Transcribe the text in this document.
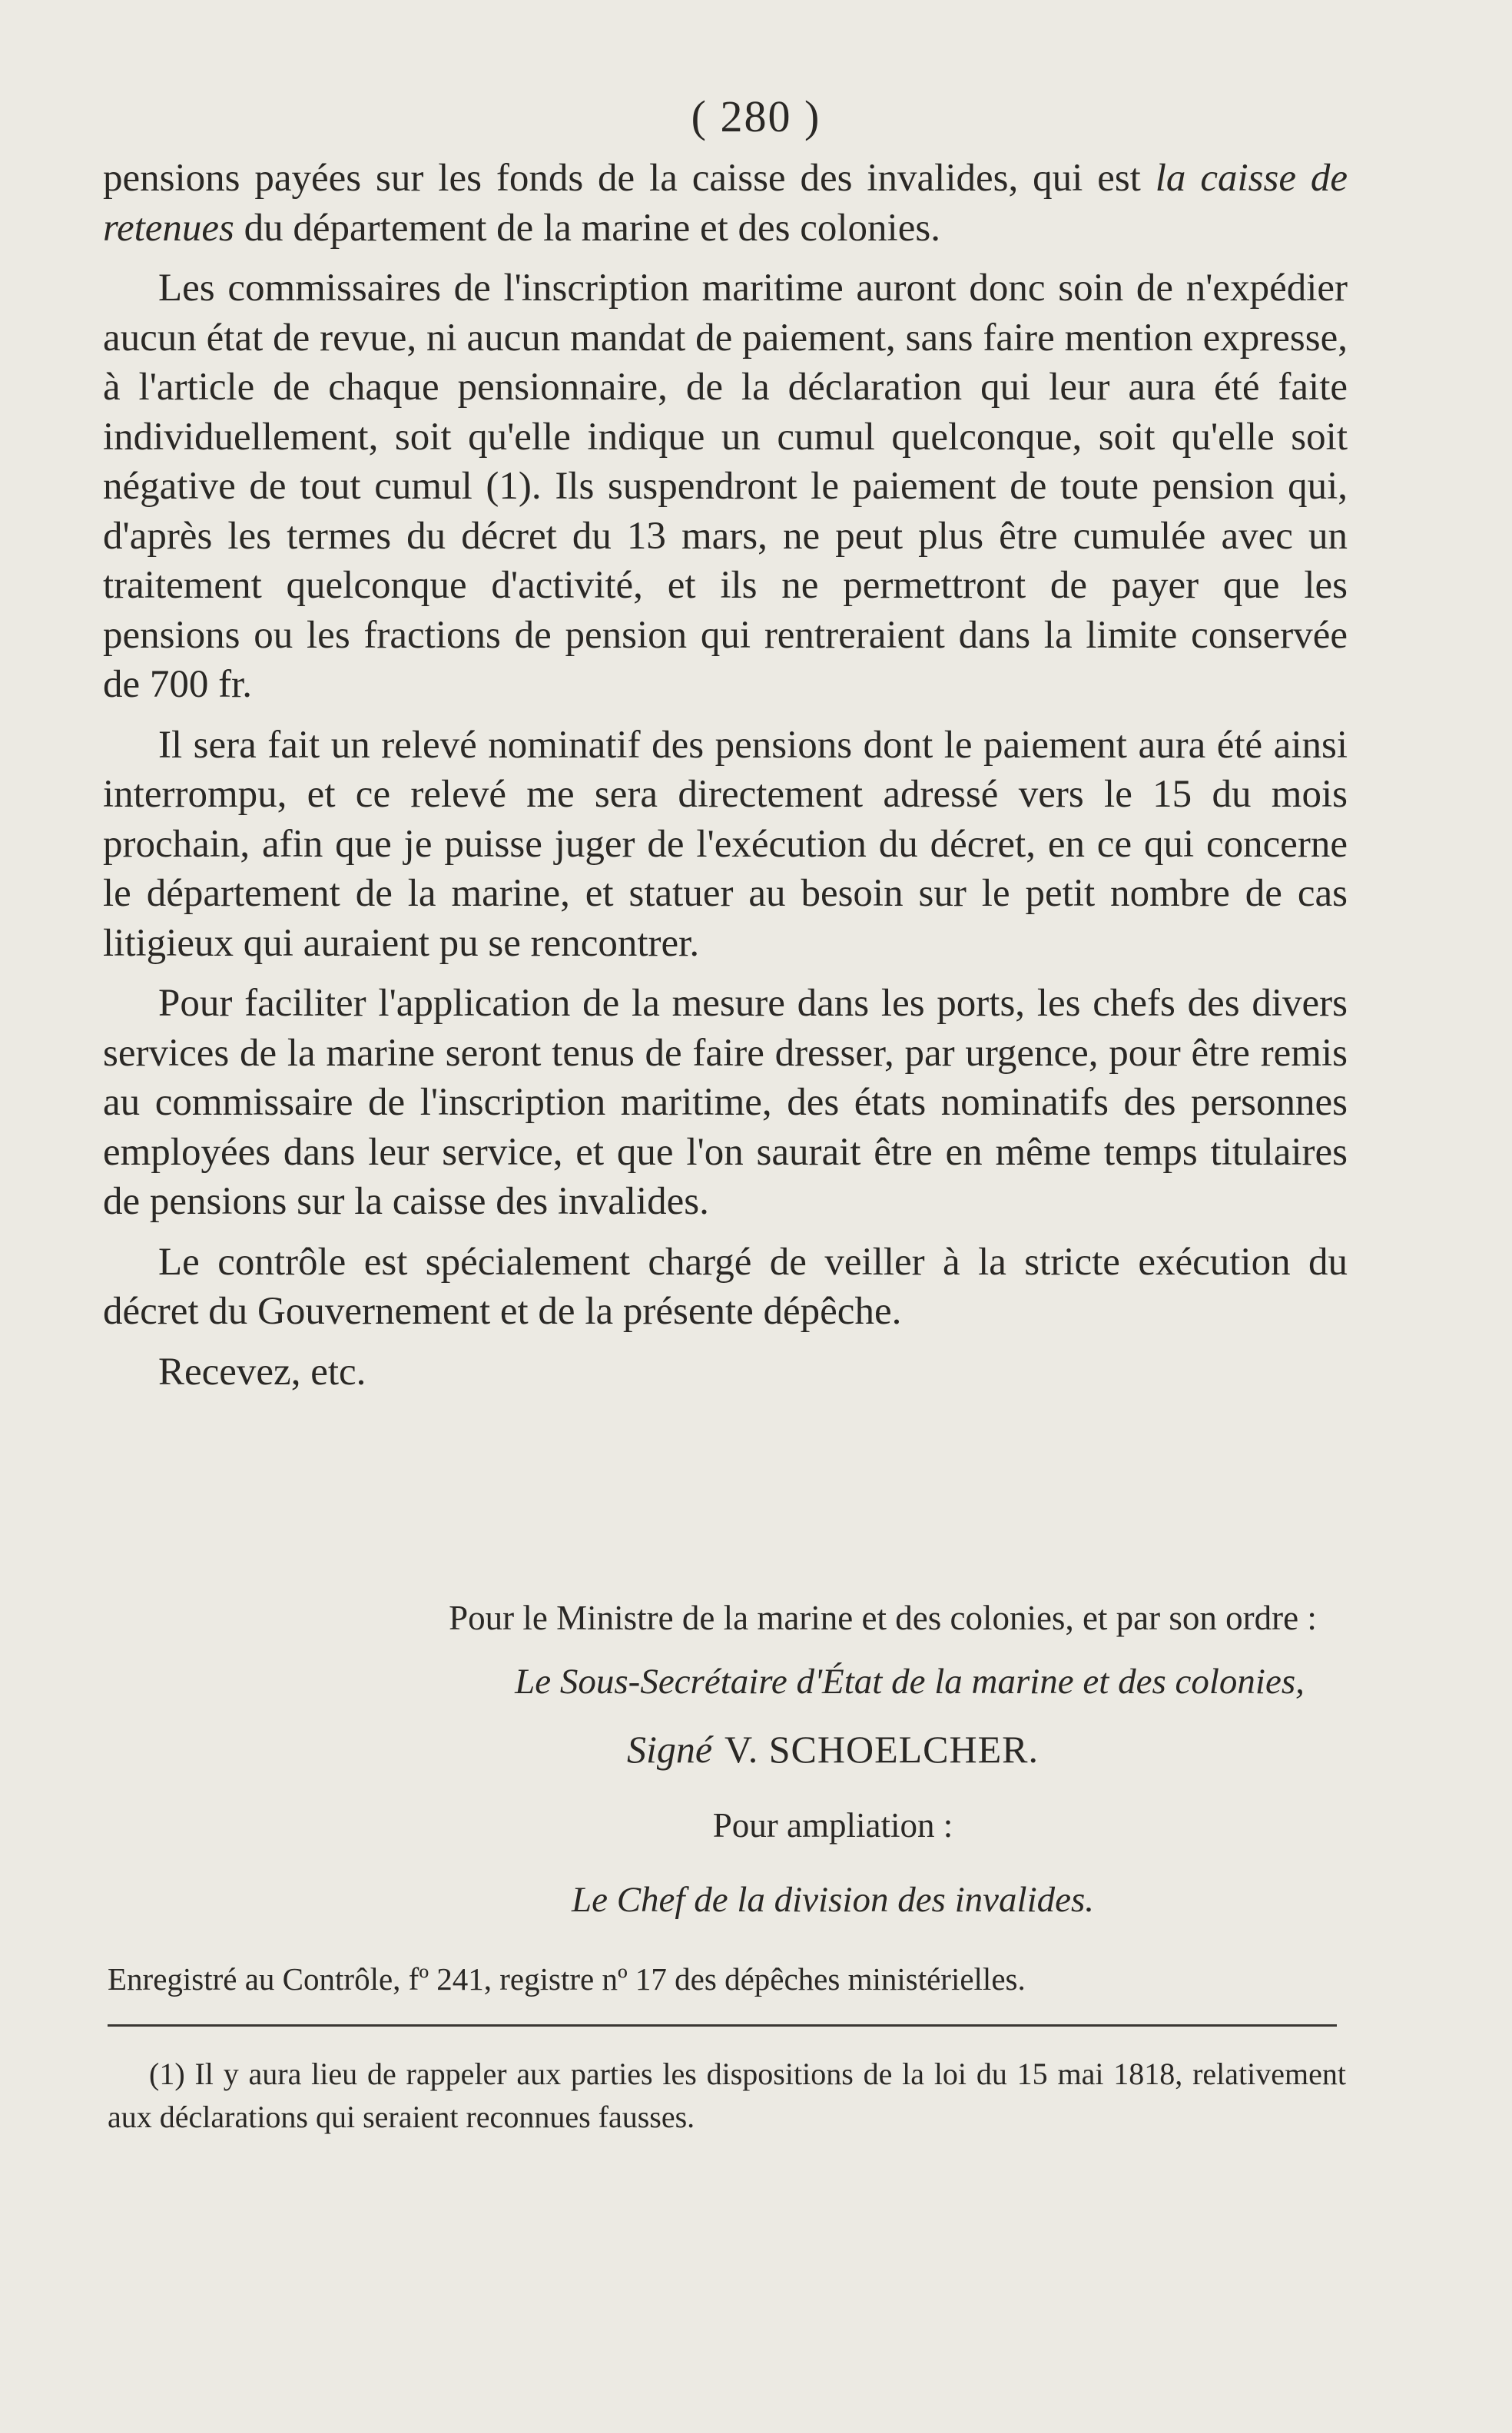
( 280 )

pensions payées sur les fonds de la caisse des invalides, qui est la caisse de retenues du département de la marine et des colonies.

Les commissaires de l'inscription maritime auront donc soin de n'expédier aucun état de revue, ni aucun mandat de paiement, sans faire mention expresse, à l'article de chaque pensionnaire, de la déclaration qui leur aura été faite individuellement, soit qu'elle indique un cumul quelconque, soit qu'elle soit négative de tout cumul (1). Ils suspendront le paiement de toute pension qui, d'après les termes du décret du 13 mars, ne peut plus être cumulée avec un traitement quelconque d'activité, et ils ne permettront de payer que les pensions ou les fractions de pension qui rentreraient dans la limite conservée de 700 fr.

Il sera fait un relevé nominatif des pensions dont le paiement aura été ainsi interrompu, et ce relevé me sera directement adressé vers le 15 du mois prochain, afin que je puisse juger de l'exécution du décret, en ce qui concerne le département de la marine, et statuer au besoin sur le petit nombre de cas litigieux qui auraient pu se rencontrer.

Pour faciliter l'application de la mesure dans les ports, les chefs des divers services de la marine seront tenus de faire dresser, par urgence, pour être remis au commissaire de l'inscription maritime, des états nominatifs des personnes employées dans leur service, et que l'on saurait être en même temps titulaires de pensions sur la caisse des invalides.

Le contrôle est spécialement chargé de veiller à la stricte exécution du décret du Gouvernement et de la présente dépêche.

Recevez, etc.

Pour le Ministre de la marine et des colonies, et par son ordre :
Le Sous-Secrétaire d'État de la marine et des colonies,
Signé V. SCHOELCHER.
Pour ampliation :
Le Chef de la division des invalides.
Enregistré au Contrôle, fº 241, registre nº 17 des dépêches ministérielles.

(1) Il y aura lieu de rappeler aux parties les dispositions de la loi du 15 mai 1818, relativement aux déclarations qui seraient reconnues fausses.
